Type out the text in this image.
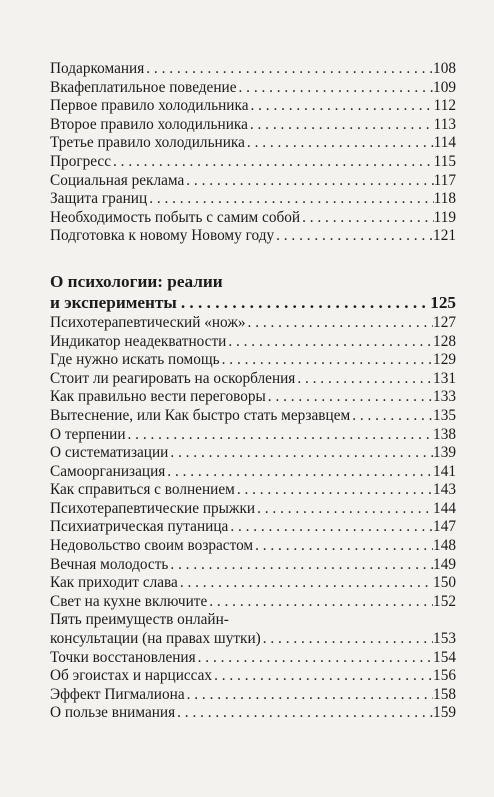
Подаркомания . . .	108
Вкафеплатильное поведение . . .	109
Первое правило холодильника . . .	112
Второе правило холодильника . . .	113
Третье правило холодильника . . .	114
Прогресс . . .	115
Социальная реклама . . .	117
Защита границ . . .	118
Необходимость побыть с самим собой . . .	119
Подготовка к новому Новому году . . .	121
О психологии: реалии
и эксперименты . . .	125
Психотерапевтический «нож» . . .	127
Индикатор неадекватности . . .	128
Где нужно искать помощь . . .	129
Стоит ли реагировать на оскорбления . . .	131
Как правильно вести переговоры . . .	133
Вытеснение, или Как быстро стать мерзавцем . . .	135
О терпении . . .	138
О систематизации . . .	139
Самоорганизация . . .	141
Как справиться с волнением . . .	143
Психотерапевтические прыжки . . .	144
Психиатрическая путаница . . .	147
Недовольство своим возрастом . . .	148
Вечная молодость . . .	149
Как приходит слава . . .	150
Свет на кухне включите . . .	152
Пять преимуществ онлайн-
консультации (на правах шутки) . . .	153
Точки восстановления . . .	154
Об эгоистах и нарциссах . . .	156
Эффект Пигмалиона . . .	158
О пользе внимания . . .	159
